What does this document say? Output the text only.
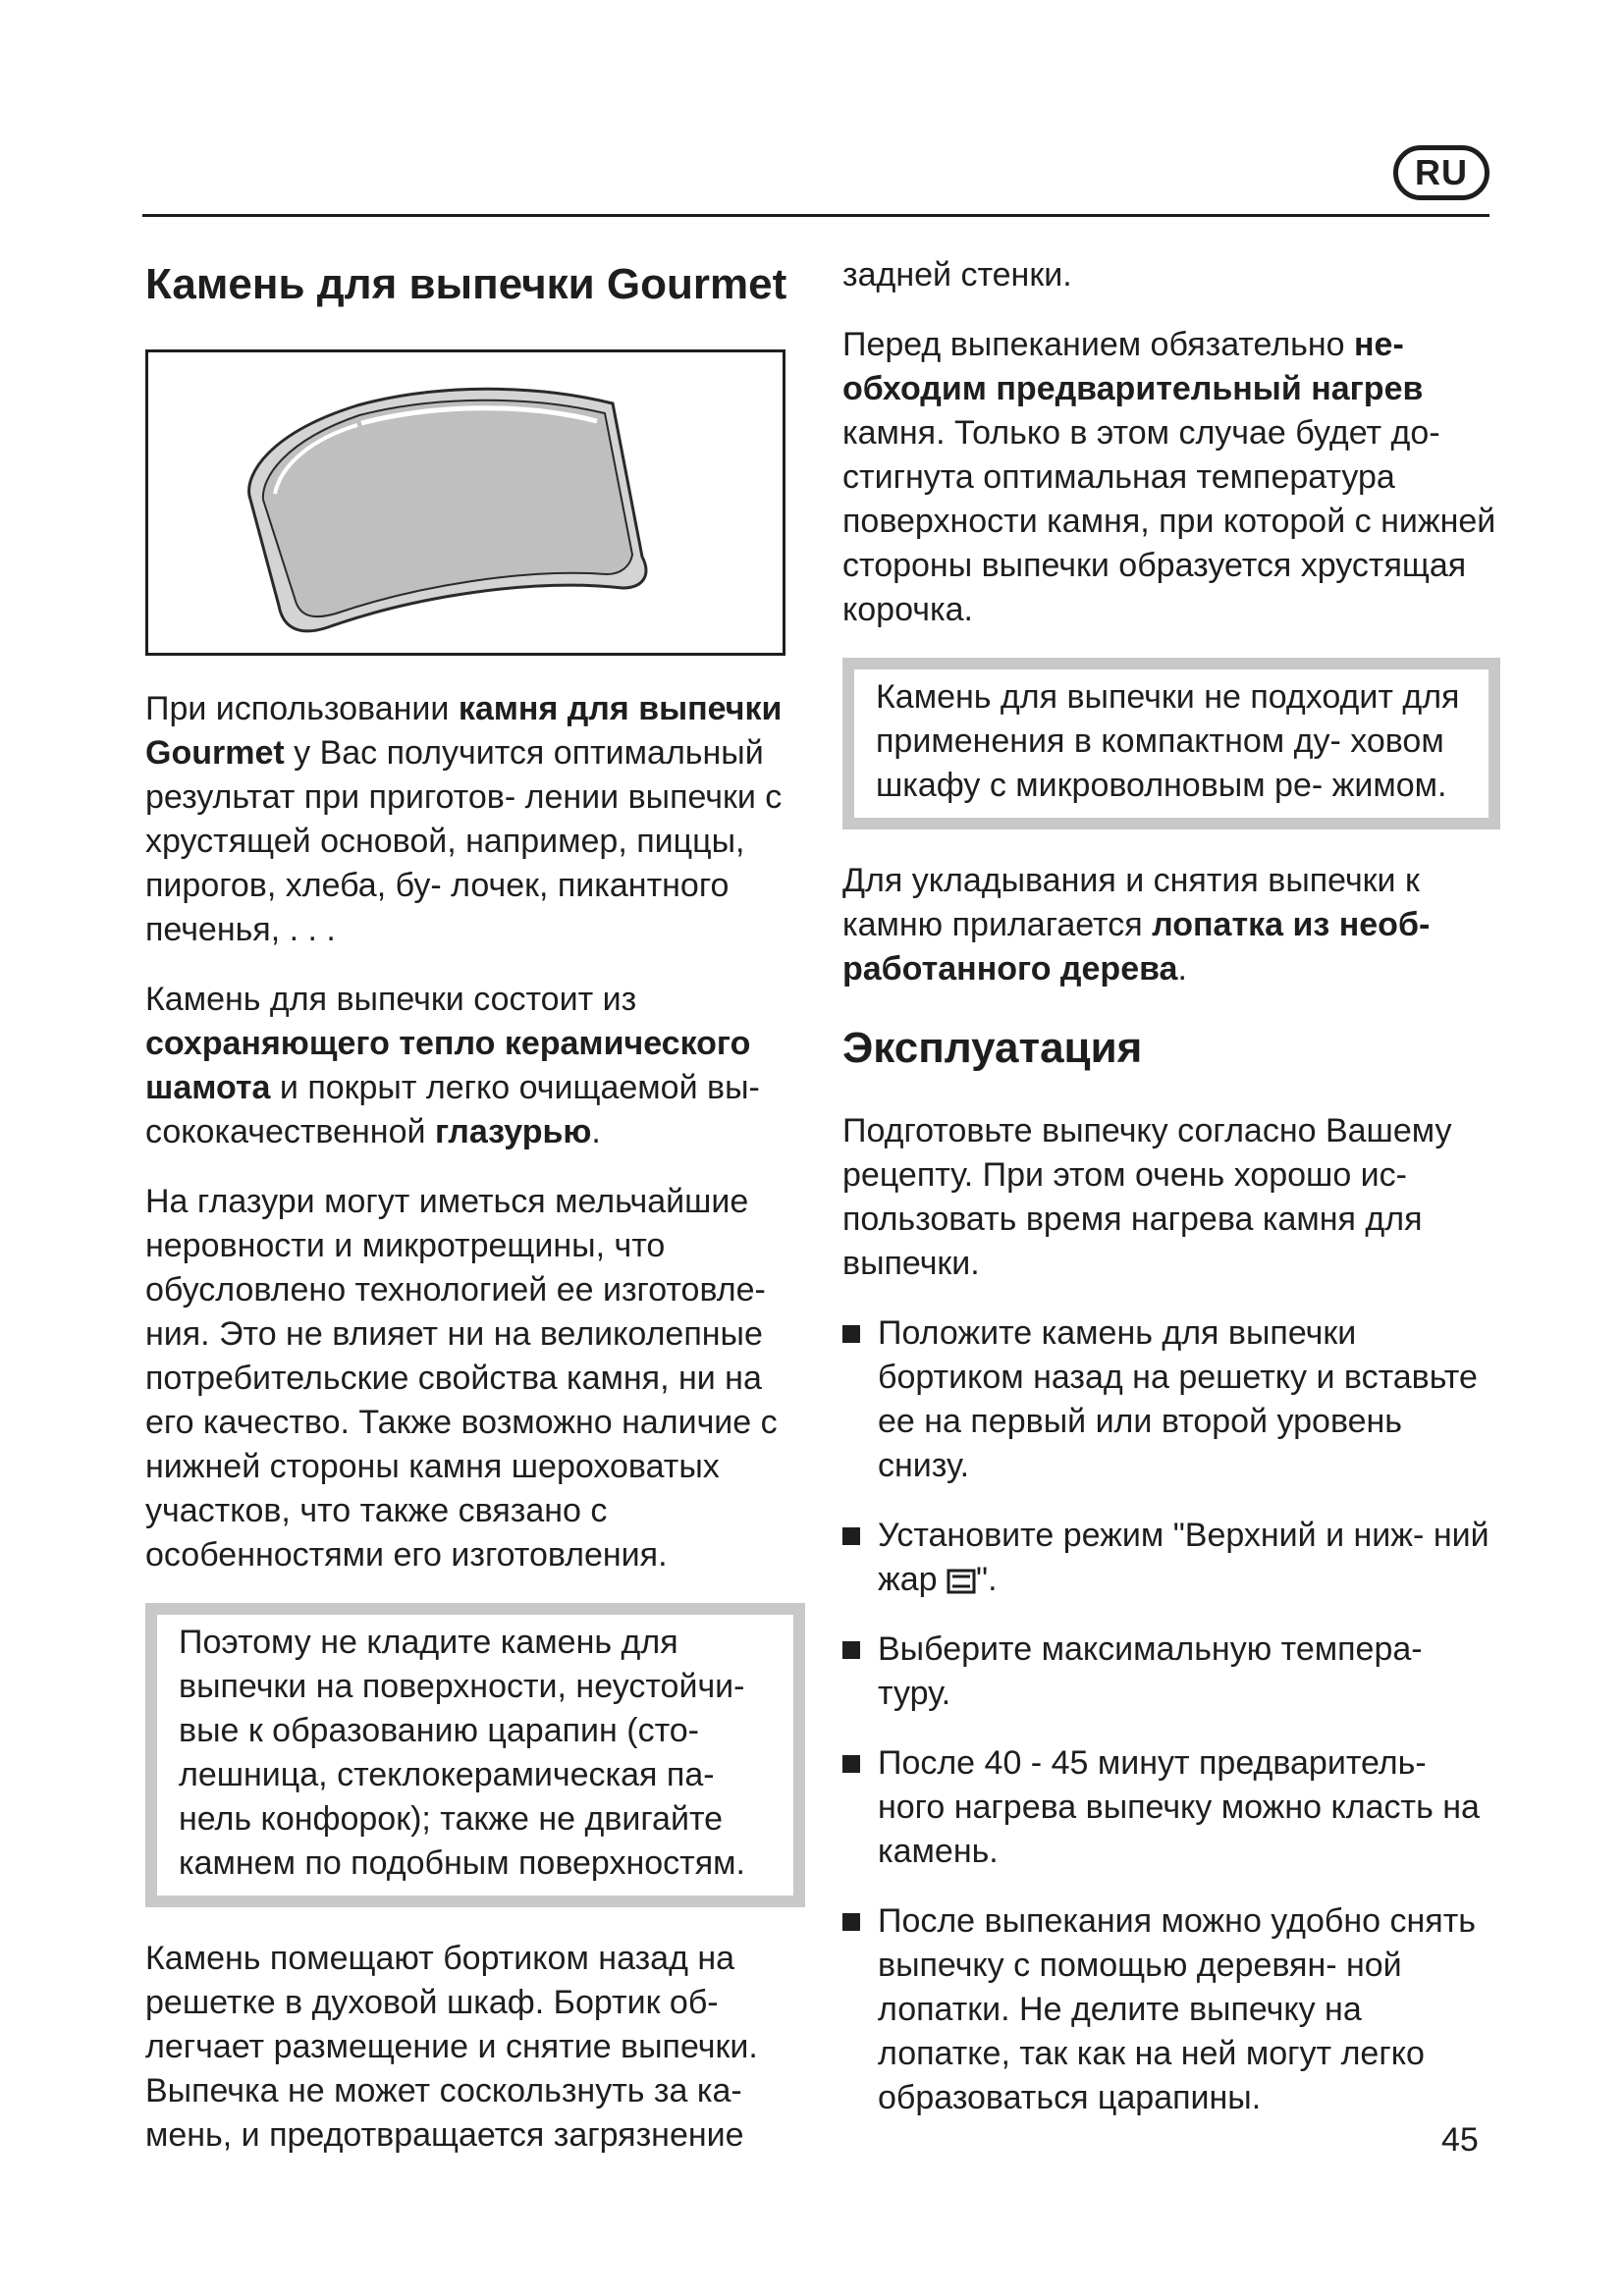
RU
Камень для выпечки Gourmet

При использовании камня для выпечки Gourmet у Вас получится оптимальный результат при приготов- лении выпечки с хрустящей основой, например, пиццы, пирогов, хлеба, бу- лочек, пикантного печенья, . . .

Камень для выпечки состоит из сохраняющего тепло керамического шамота и покрыт легко очищаемой вы- сококачественной глазурью.

На глазури могут иметься мельчайшие неровности и микротрещины, что обусловлено технологией ее изготовле- ния. Это не влияет ни на великолепные потребительские свойства камня, ни на его качество. Также возможно наличие с нижней стороны камня шероховатых участков, что также связано с особенностями его изготовления.

Поэтому не кладите камень для выпечки на поверхности, неустойчи- вые к образованию царапин (сто- лешница, стеклокерамическая па- нель конфорок); также не двигайте камнем по подобным поверхностям.

Камень помещают бортиком назад на решетке в духовой шкаф. Бортик об- легчает размещение и снятие выпечки. Выпечка не может соскользнуть за ка- мень, и предотвращается загрязнение

задней стенки.

Перед выпеканием обязательно не- обходим предварительный нагрев камня. Только в этом случае будет до- стигнута оптимальная температура поверхности камня, при которой с нижней стороны выпечки образуется хрустящая корочка.

Камень для выпечки не подходит для применения в компактном ду- ховом шкафу с микроволновым ре- жимом.

Для укладывания и снятия выпечки к камню прилагается лопатка из необ- работанного дерева.

Эксплуатация

Подготовьте выпечку согласно Вашему рецепту. При этом очень хорошо ис- пользовать время нагрева камня для выпечки.

Положите камень для выпечки бортиком назад на решетку и вставьте ее на первый или второй уровень снизу.
Установите режим "Верхний и ниж- ний жар ".
Выберите максимальную темпера- туру.
После 40 - 45 минут предваритель- ного нагрева выпечку можно класть на камень.
После выпекания можно удобно снять выпечку с помощью деревян- ной лопатки. Не делите выпечку на лопатке, так как на ней могут легко образоваться царапины.
45
